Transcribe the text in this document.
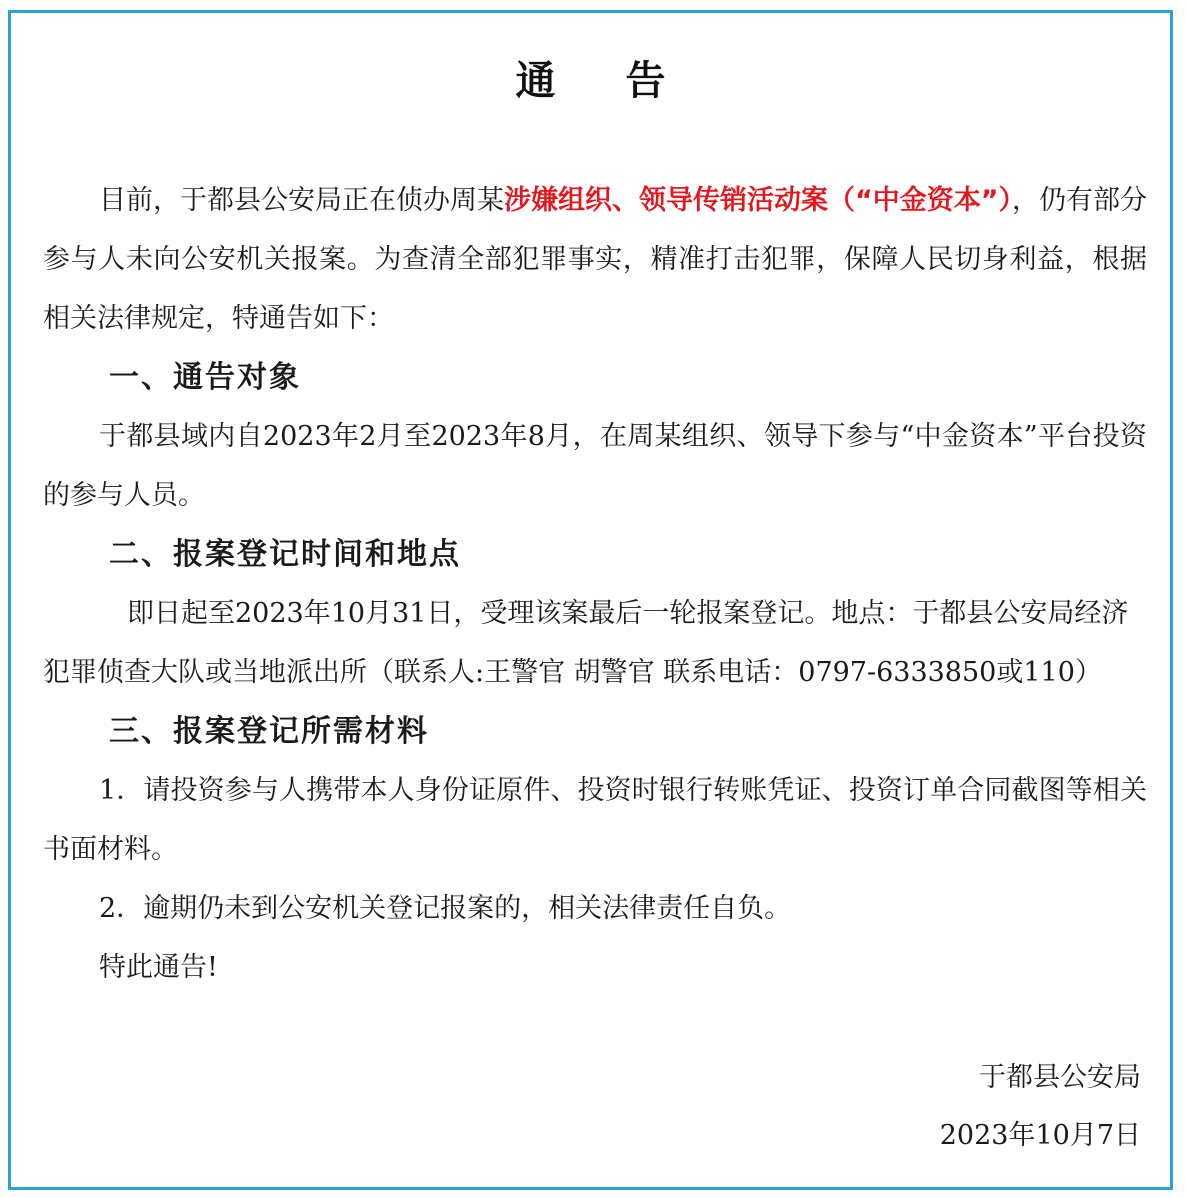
通 告

目前，于都县公安局正在侦办周某涉嫌组织、领导传销活动案（“中金资本”），仍有部分参与人未向公安机关报案。为查清全部犯罪事实，精准打击犯罪，保障人民切身利益，根据相关法律规定，特通告如下：

一、通告对象

于都县域内自2023年2月至2023年8月，在周某组织、领导下参与“中金资本”平台投资的参与人员。

二、报案登记时间和地点

即日起至2023年10月31日，受理该案最后一轮报案登记。地点：于都县公安局经济犯罪侦查大队或当地派出所（联系人:王警官 胡警官 联系电话：0797-6333850或110）

三、报案登记所需材料

1．请投资参与人携带本人身份证原件、投资时银行转账凭证、投资订单合同截图等相关书面材料。

2．逾期仍未到公安机关登记报案的，相关法律责任自负。

特此通告!

于都县公安局
2023年10月7日
